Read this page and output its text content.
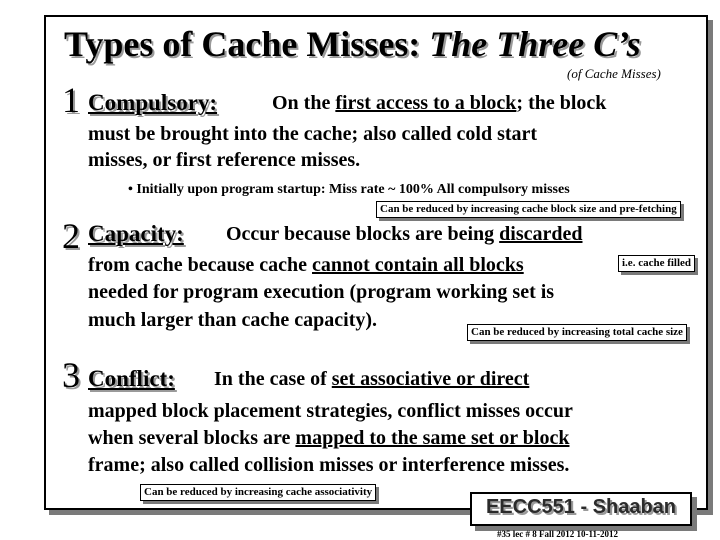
Types of Cache Misses: The Three C’s
(of Cache Misses)
1 Compulsory:	On the first access to a block; the block
must be brought into the cache; also called cold start
misses, or first reference misses.
• Initially upon program startup: Miss rate ~ 100% All compulsory misses
Can be reduced by increasing cache block size and pre-fetching
2 Capacity: Occur because blocks are being discarded
from cache because cache cannot contain all blocks	i.e. cache filled
needed for program execution (program working set is
much larger than cache capacity).
Can be reduced by increasing total cache size
3 Conflict: In the case of set associative or direct
mapped block placement strategies, conflict misses occur
when several blocks are mapped to the same set or block
frame; also called collision misses or interference misses.
Can be reduced by increasing cache associativity
EECC551 - Shaaban
#35 lec # 8 Fall 2012 10-11-2012
